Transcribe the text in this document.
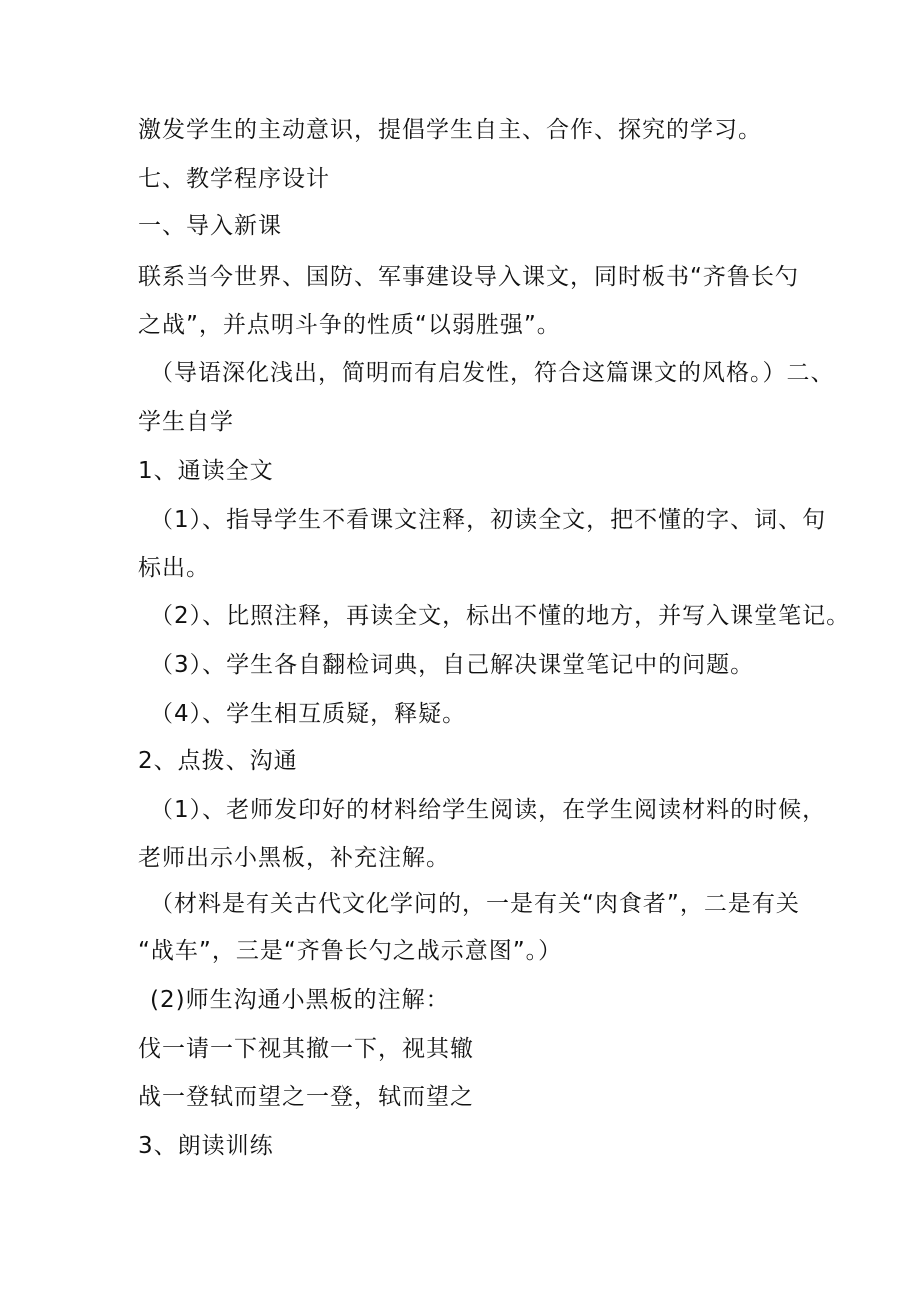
激发学生的主动意识，提倡学生自主、合作、探究的学习。
七、教学程序设计
一、导入新课
联系当今世界、国防、军事建设导入课文，同时板书“齐鲁长勺
之战”，并点明斗争的性质“以弱胜强”。
（导语深化浅出，简明而有启发性，符合这篇课文的风格。）二、
学生自学
1、通读全文
（1）、指导学生不看课文注释，初读全文，把不懂的字、词、句
标出。
（2）、比照注释，再读全文，标出不懂的地方，并写入课堂笔记。
（3）、学生各自翻检词典，自己解决课堂笔记中的问题。
（4）、学生相互质疑，释疑。
2、点拨、沟通
（1）、老师发印好的材料给学生阅读，在学生阅读材料的时候，
老师出示小黑板，补充注解。
（材料是有关古代文化学问的，一是有关“肉食者”，二是有关
“战车”，三是“齐鲁长勺之战示意图”。）
(2)师生沟通小黑板的注解：
伐一请一下视其撤一下，视其辙
战一登轼而望之一登，轼而望之
3、朗读训练
